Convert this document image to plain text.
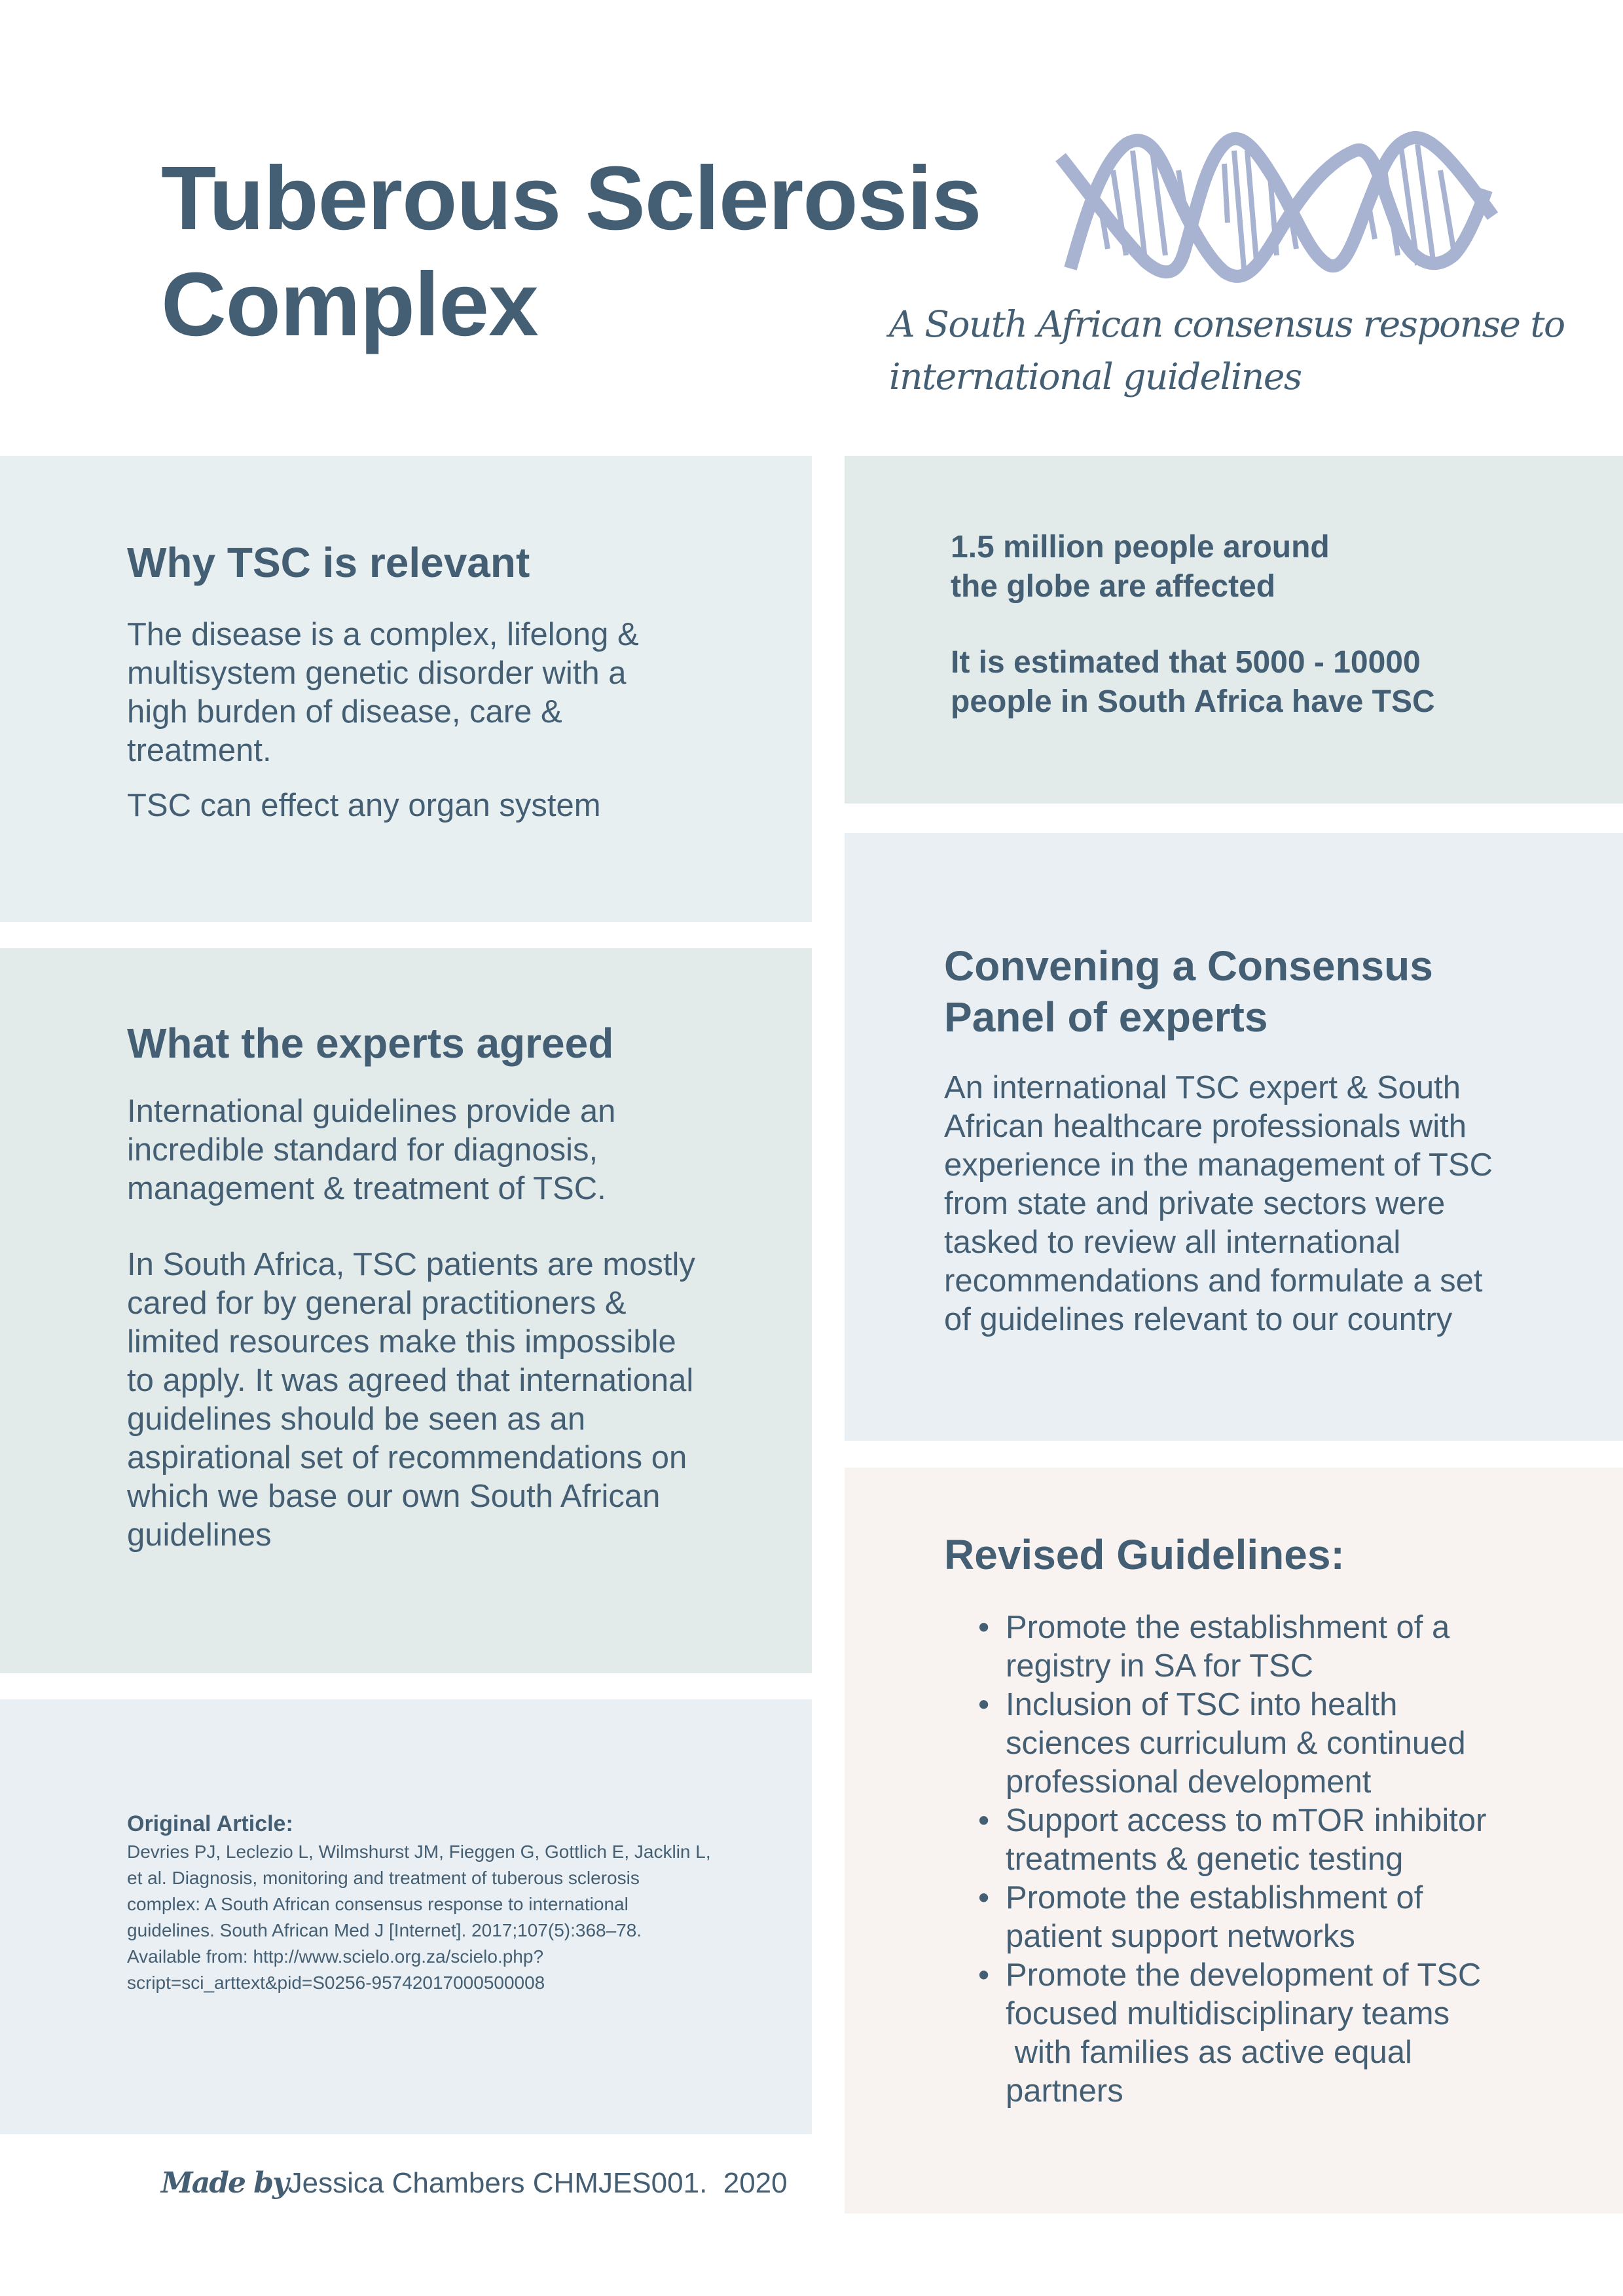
Tuberous Sclerosis
Complex	A South African consensus response to
international guidelines

Why TSC is relevant

The disease is a complex, lifelong &
multisystem genetic disorder with a
high burden of disease, care &
treatment.

TSC can effect any organ system

1.5 million people around
the globe are affected

It is estimated that 5000 - 10000
people in South Africa have TSC

What the experts agreed

International guidelines provide an
incredible standard for diagnosis,
management & treatment of TSC.

In South Africa, TSC patients are mostly
cared for by general practitioners &
limited resources make this impossible
to apply. It was agreed that international
guidelines should be seen as an
aspirational set of recommendations on
which we base our own South African
guidelines

Convening a Consensus
Panel of experts

An international TSC expert & South
African healthcare professionals with
experience in the management of TSC
from state and private sectors were
tasked to review all international
recommendations and formulate a set
of guidelines relevant to our country

Original Article:

Devries PJ, Leclezio L, Wilmshurst JM, Fieggen G, Gottlich E, Jacklin L,
et al. Diagnosis, monitoring and treatment of tuberous sclerosis
complex: A South African consensus response to international
guidelines. South African Med J [Internet]. 2017;107(5):368–78.
Available from: http://www.scielo.org.za/scielo.php?
script=sci_arttext&pid=S0256-95742017000500008

Revised Guidelines:
• Promote the establishment of a
registry in SA for TSC
• Inclusion of TSC into health
sciences curriculum & continued
professional development
• Support access to mTOR inhibitor
treatments & genetic testing
• Promote the establishment of
patient support networks
• Promote the development of TSC
focused multidisciplinary teams
with families as active equal
partners

Made byJessica Chambers CHMJES001.  2020
